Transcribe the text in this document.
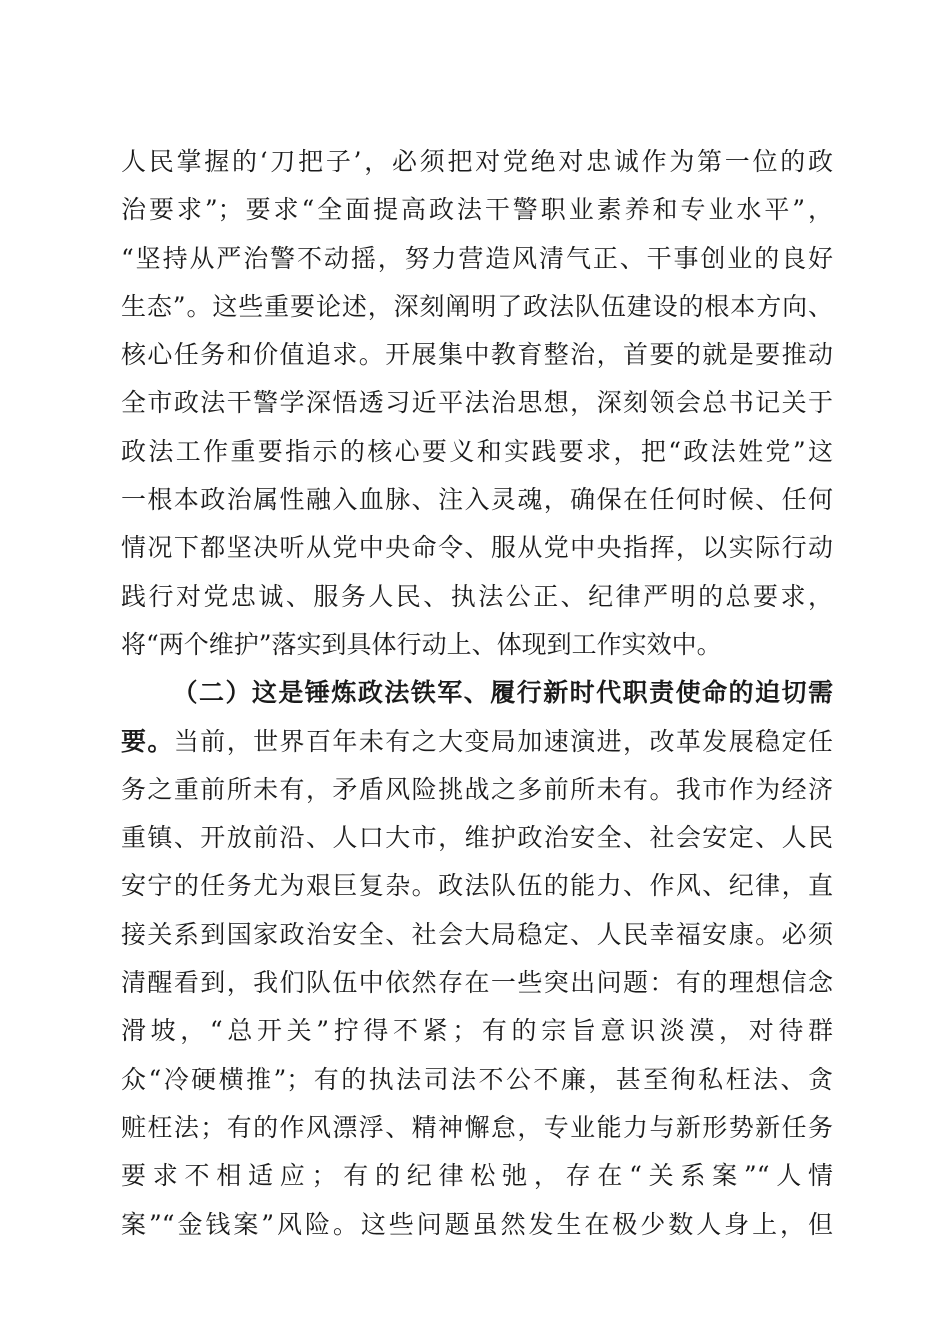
人民掌握的‘刀把子’，必须把对党绝对忠诚作为第一位的政
治要求”；要求“全面提高政法干警职业素养和专业水平”，
“坚持从严治警不动摇，努力营造风清气正、干事创业的良好
生态”。这些重要论述，深刻阐明了政法队伍建设的根本方向、
核心任务和价值追求。开展集中教育整治，首要的就是要推动
全市政法干警学深悟透习近平法治思想，深刻领会总书记关于
政法工作重要指示的核心要义和实践要求，把“政法姓党”这
一根本政治属性融入血脉、注入灵魂，确保在任何时候、任何
情况下都坚决听从党中央命令、服从党中央指挥，以实际行动
践行对党忠诚、服务人民、执法公正、纪律严明的总要求，
将“两个维护”落实到具体行动上、体现到工作实效中。
（二）这是锤炼政法铁军、履行新时代职责使命的迫切需
要。当前，世界百年未有之大变局加速演进，改革发展稳定任
务之重前所未有，矛盾风险挑战之多前所未有。我市作为经济
重镇、开放前沿、人口大市，维护政治安全、社会安定、人民
安宁的任务尤为艰巨复杂。政法队伍的能力、作风、纪律，直
接关系到国家政治安全、社会大局稳定、人民幸福安康。必须
清醒看到，我们队伍中依然存在一些突出问题：有的理想信念
滑坡，“总开关”拧得不紧；有的宗旨意识淡漠，对待群
众“冷硬横推”；有的执法司法不公不廉，甚至徇私枉法、贪
赃枉法；有的作风漂浮、精神懈怠，专业能力与新形势新任务
要求不相适应；有的纪律松弛，存在“关系案”“人情
案”“金钱案”风险。这些问题虽然发生在极少数人身上，但
